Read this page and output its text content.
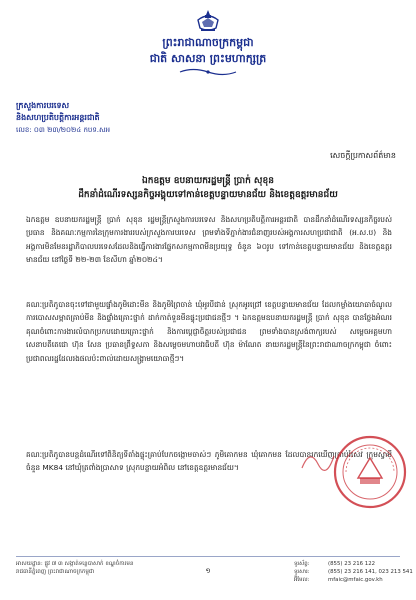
ព្រះរាជាណាចក្រកម្ពុជា
ជាតិ សាសនា ព្រះមហាក្សត្រ
ក្រសួងការបរទេស
និងសហប្រតិបត្តិការអន្តរជាតិ
លេខ: ០៣ ២៣/២០២៤ កបទ.សអ
សេចក្តីប្រកាសព័ត៌មាន
ឯកឧត្តម ឧបនាយករដ្ឋមន្ត្រី ប្រាក់ សុខុន
ដឹកនាំដំណើរទស្សនកិច្ចអង្គុយទៅកាន់ខេត្តបន្ទាយមានជ័យ និងខេត្តឧត្តរមានជ័យ
ឯកឧត្តម ឧបនាយករដ្ឋមន្ត្រី ប្រាក់ សុខុន រដ្ឋមន្ត្រីក្រសួងការបរទេស និងសហប្រតិបត្តិការអន្តរជាតិ បានដឹកនាំដំណើរទស្សនកិច្ចរបស់ប្រធាន និងគណៈកម្មការនៃក្រុមការងាររបស់ក្រសួងការបរទេស ព្រមទាំងទីភ្នាក់ងារជំនាញរបស់អង្គការសហប្រជាជាតិ (អ.ស.ប) និងអង្គការមិនមែនរដ្ឋាភិបាលបរទេសដែលនិងធ្វើការងារផ្នែកសកម្មភាពមីនប្រយុទ្ធ ចំនួន ៦០រូប ទៅកាន់ខេត្តបន្ទាយមានជ័យ និងខេត្តឧត្តរមានជ័យ នៅថ្ងៃទី ២២-២៣ ខែសីហា ឆ្នាំ២០២៤។
គណៈប្រតិភូបានចុះទៅជាមួយផ្ទាំងភូមិដោះមីន និងភូមិព្រៃចាន់ ឃុំអូរបីជាន់ ស្រុកអូរជ្រៅ ខេត្តបន្ទាយមានជ័យ ដែលកម្លាំងយោធាចំណូលការបោសសម្អាតគ្រាប់មីន និងផ្ទាំងគ្រោះថ្នាក់ ដាក់កាត់ទួនមីនផ្ទុះប្រជាជនថ្មីៗ ។ ឯកឧត្តមឧបនាយករដ្ឋមន្ត្រី ប្រាក់ សុខុន បានថ្លែងអំណរគុណចំពោះការងារលំបាកប្រកបដោយគ្រោះថ្នាក់ និងការប្តេជ្ញាចិត្តរបស់ប្រជាជន ព្រមទាំងបានស្រង់ពាក្យរបស់ សម្តេចអគ្គមហាសេនាបតីតេជោ ហ៊ុន សែន ប្រធានព្រឹទ្ធសភា និងសម្តេចមហាបវរធិបតី ហ៊ុន ម៉ាណែត នាយករដ្ឋមន្ត្រីនៃព្រះរាជាណាចក្រកម្ពុជា ចំពោះប្រជាពលរដ្ឋដែលរងផលប៉ះពាល់ដោយសង្គ្រាមយោធាថ្មីៗ។
គណៈប្រតិភូបានបន្តដំណើរទៅពិនិត្យទីតាំងផ្ទុះគ្រាប់បែកចង្កោមចាស់ៗ ភូមិគោកមន ឃុំគោកមន ដែលបានរកឃើញគ្រាប់រំសេវ ក្រុមស្វាមីចំនួន MK84 នៅឃុំត្រពាំងប្រាសាទ ស្រុកបន្ទាយអំពិល នៅខេត្តឧត្តរមានជ័យ។
អាសយដ្ឋាន: ផ្លូវ ៧ ៣ សង្កាត់ទន្លេបាសាក់ ខណ្ឌចំការមន
រាជធានីភ្នំពេញ ព្រះរាជាណាចក្រកម្ពុជា
ទូរស័ព្ទ:	(855) 23 216 122
ទូរសារ:	(855) 23 216 141, 023 213 541
អ៊ីមែល:	mfaic@mfaic.gov.kh
១
